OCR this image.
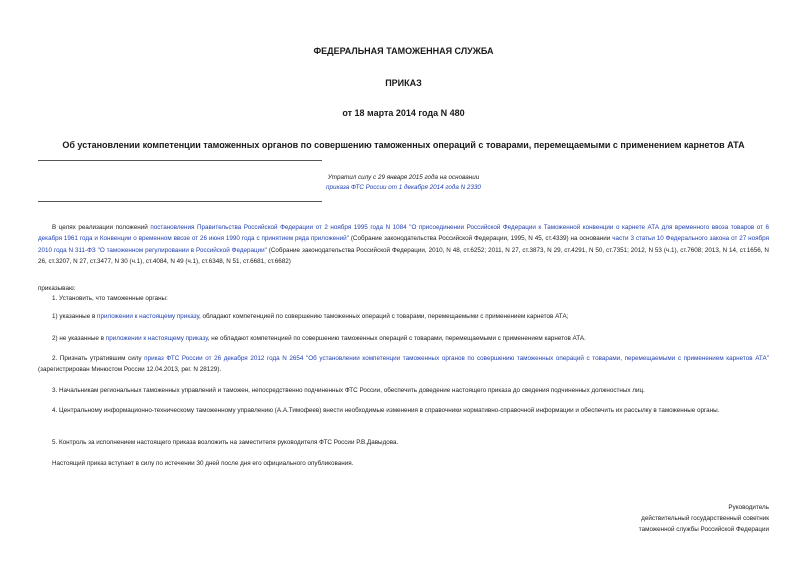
ФЕДЕРАЛЬНАЯ ТАМОЖЕННАЯ СЛУЖБА
ПРИКАЗ
от 18 марта 2014 года N 480
Об установлении компетенции таможенных органов по совершению таможенных операций с товарами, перемещаемыми с применением карнетов АТА
Утратил силу с 29 января 2015 года на основании
приказа ФТС России от 1 декабря 2014 года N 2330
В целях реализации положений постановления Правительства Российской Федерации от 2 ноября 1995 года N 1084 "О присоединении Российской Федерации к Таможенной конвенции о карнете АТА для временного ввоза товаров от 6 декабря 1961 года и Конвенции о временном ввозе от 26 июня 1990 года с принятием ряда приложений" (Собрание законодательства Российской Федерации, 1995, N 45, ст.4339) на основании части 3 статьи 10 Федерального закона от 27 ноября 2010 года N 311-ФЗ "О таможенном регулировании в Российской Федерации" (Собрание законодательства Российской Федерации, 2010, N 48, ст.6252; 2011, N 27, ст.3873, N 29, ст.4291, N 50, ст.7351; 2012, N 53 (ч.1), ст.7608; 2013, N 14, ст.1656, N 26, ст.3207, N 27, ст.3477, N 30 (ч.1), ст.4084, N 49 (ч.1), ст.6348, N 51, ст.6681, ст.6682)
приказываю:
1. Установить, что таможенные органы:
1) указанные в приложении к настоящему приказу, обладают компетенцией по совершению таможенных операций с товарами, перемещаемыми с применением карнетов АТА;
2) не указанные в приложении к настоящему приказу, не обладают компетенцией по совершению таможенных операций с товарами, перемещаемыми с применением карнетов АТА.
2. Признать утратившим силу приказ ФТС России от 26 декабря 2012 года N 2654 "Об установлении компетенции таможенных органов по совершению таможенных операций с товарами, перемещаемыми с применением карнетов АТА" (зарегистрирован Минюстом России 12.04.2013, рег. N 28129).
3. Начальникам региональных таможенных управлений и таможен, непосредственно подчиненных ФТС России, обеспечить доведение настоящего приказа до сведения подчиненных должностных лиц.
4. Центральному информационно-техническому таможенному управлению (А.А.Тимофеев) внести необходимые изменения в справочники нормативно-справочной информации и обеспечить их рассылку в таможенные органы.
5. Контроль за исполнением настоящего приказа возложить на заместителя руководителя ФТС России Р.В.Давыдова.
Настоящий приказ вступает в силу по истечении 30 дней после дня его официального опубликования.
Руководитель
действительный государственный советник
таможенной службы Российской Федерации
